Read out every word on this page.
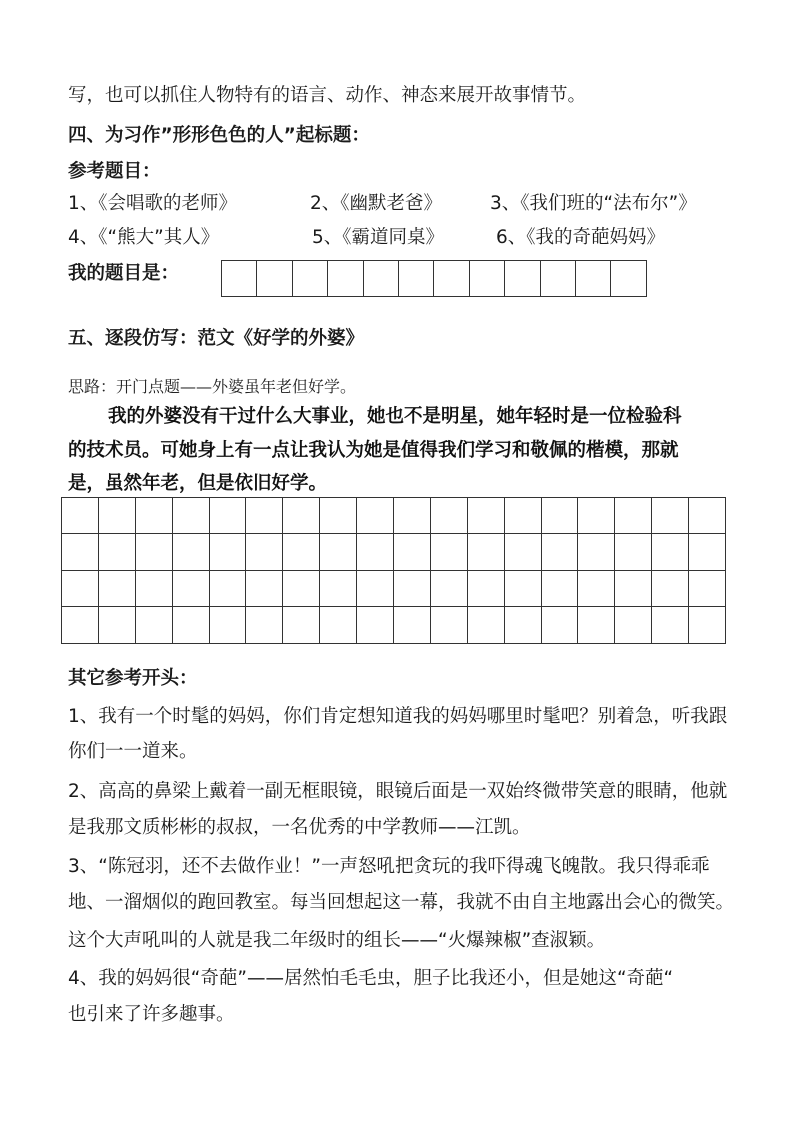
写，也可以抓住人物特有的语言、动作、神态来展开故事情节。
四、为习作”形形色色的人”起标题：
参考题目：
1、《会唱歌的老师》	2、《幽默老爸》	3、《我们班的“法布尔”》
4、《“熊大”其人》	5、《霸道同桌》	6、《我的奇葩妈妈》
我的题目是：
五、逐段仿写：范文《好学的外婆》
思路：开门点题——外婆虽年老但好学。
我的外婆没有干过什么大事业，她也不是明星，她年轻时是一位检验科
的技术员。可她身上有一点让我认为她是值得我们学习和敬佩的楷模，那就
是，虽然年老，但是依旧好学。
其它参考开头：
1、我有一个时髦的妈妈，你们肯定想知道我的妈妈哪里时髦吧？别着急，听我跟
你们一一道来。
2、高高的鼻梁上戴着一副无框眼镜，眼镜后面是一双始终微带笑意的眼睛，他就
是我那文质彬彬的叔叔，一名优秀的中学教师——江凯。
3、“陈冠羽，还不去做作业！”一声怒吼把贪玩的我吓得魂飞魄散。我只得乖乖
地、一溜烟似的跑回教室。每当回想起这一幕，我就不由自主地露出会心的微笑。
这个大声吼叫的人就是我二年级时的组长——“火爆辣椒”查淑颖。
4、我的妈妈很“奇葩”——居然怕毛毛虫，胆子比我还小，但是她这“奇葩“
也引来了许多趣事。
